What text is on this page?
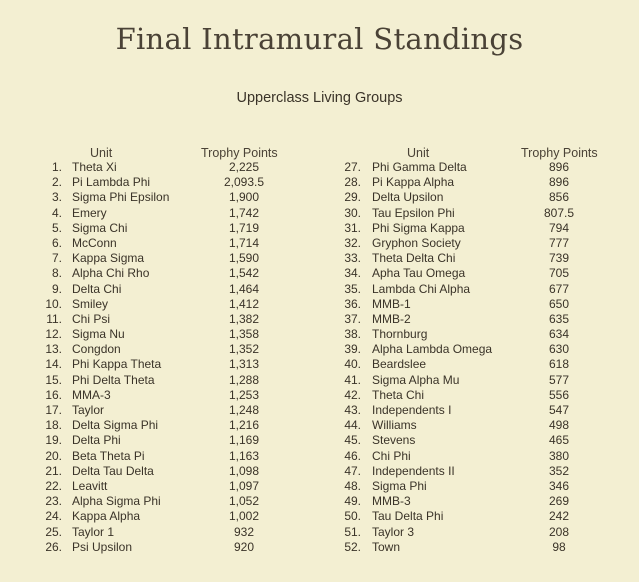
Final Intramural Standings
Upperclass Living Groups
Unit	Trophy Points
1. Theta Xi	2,225
2. Pi Lambda Phi	2,093.5
3. Sigma Phi Epsilon	1,900
4. Emery	1,742
5. Sigma Chi	1,719
6. McConn	1,714
7. Kappa Sigma	1,590
8. Alpha Chi Rho	1,542
9. Delta Chi	1,464
10. Smiley	1,412
11. Chi Psi	1,382
12. Sigma Nu	1,358
13. Congdon	1,352
14. Phi Kappa Theta	1,313
15. Phi Delta Theta	1,288
16. MMA-3	1,253
17. Taylor	1,248
18. Delta Sigma Phi	1,216
19. Delta Phi	1,169
20. Beta Theta Pi	1,163
21. Delta Tau Delta	1,098
22. Leavitt	1,097
23. Alpha Sigma Phi	1,052
24. Kappa Alpha	1,002
25. Taylor 1	932
26. Psi Upsilon	920
Unit	Trophy Points
27. Phi Gamma Delta	896
28. Pi Kappa Alpha	896
29. Delta Upsilon	856
30. Tau Epsilon Phi	807.5
31. Phi Sigma Kappa	794
32. Gryphon Society	777
33. Theta Delta Chi	739
34. Apha Tau Omega	705
35. Lambda Chi Alpha	677
36. MMB-1	650
37. MMB-2	635
38. Thornburg	634
39. Alpha Lambda Omega	630
40. Beardslee	618
41. Sigma Alpha Mu	577
42. Theta Chi	556
43. Independents I	547
44. Williams	498
45. Stevens	465
46. Chi Phi	380
47. Independents II	352
48. Sigma Phi	346
49. MMB-3	269
50. Tau Delta Phi	242
51. Taylor 3	208
52. Town	98
